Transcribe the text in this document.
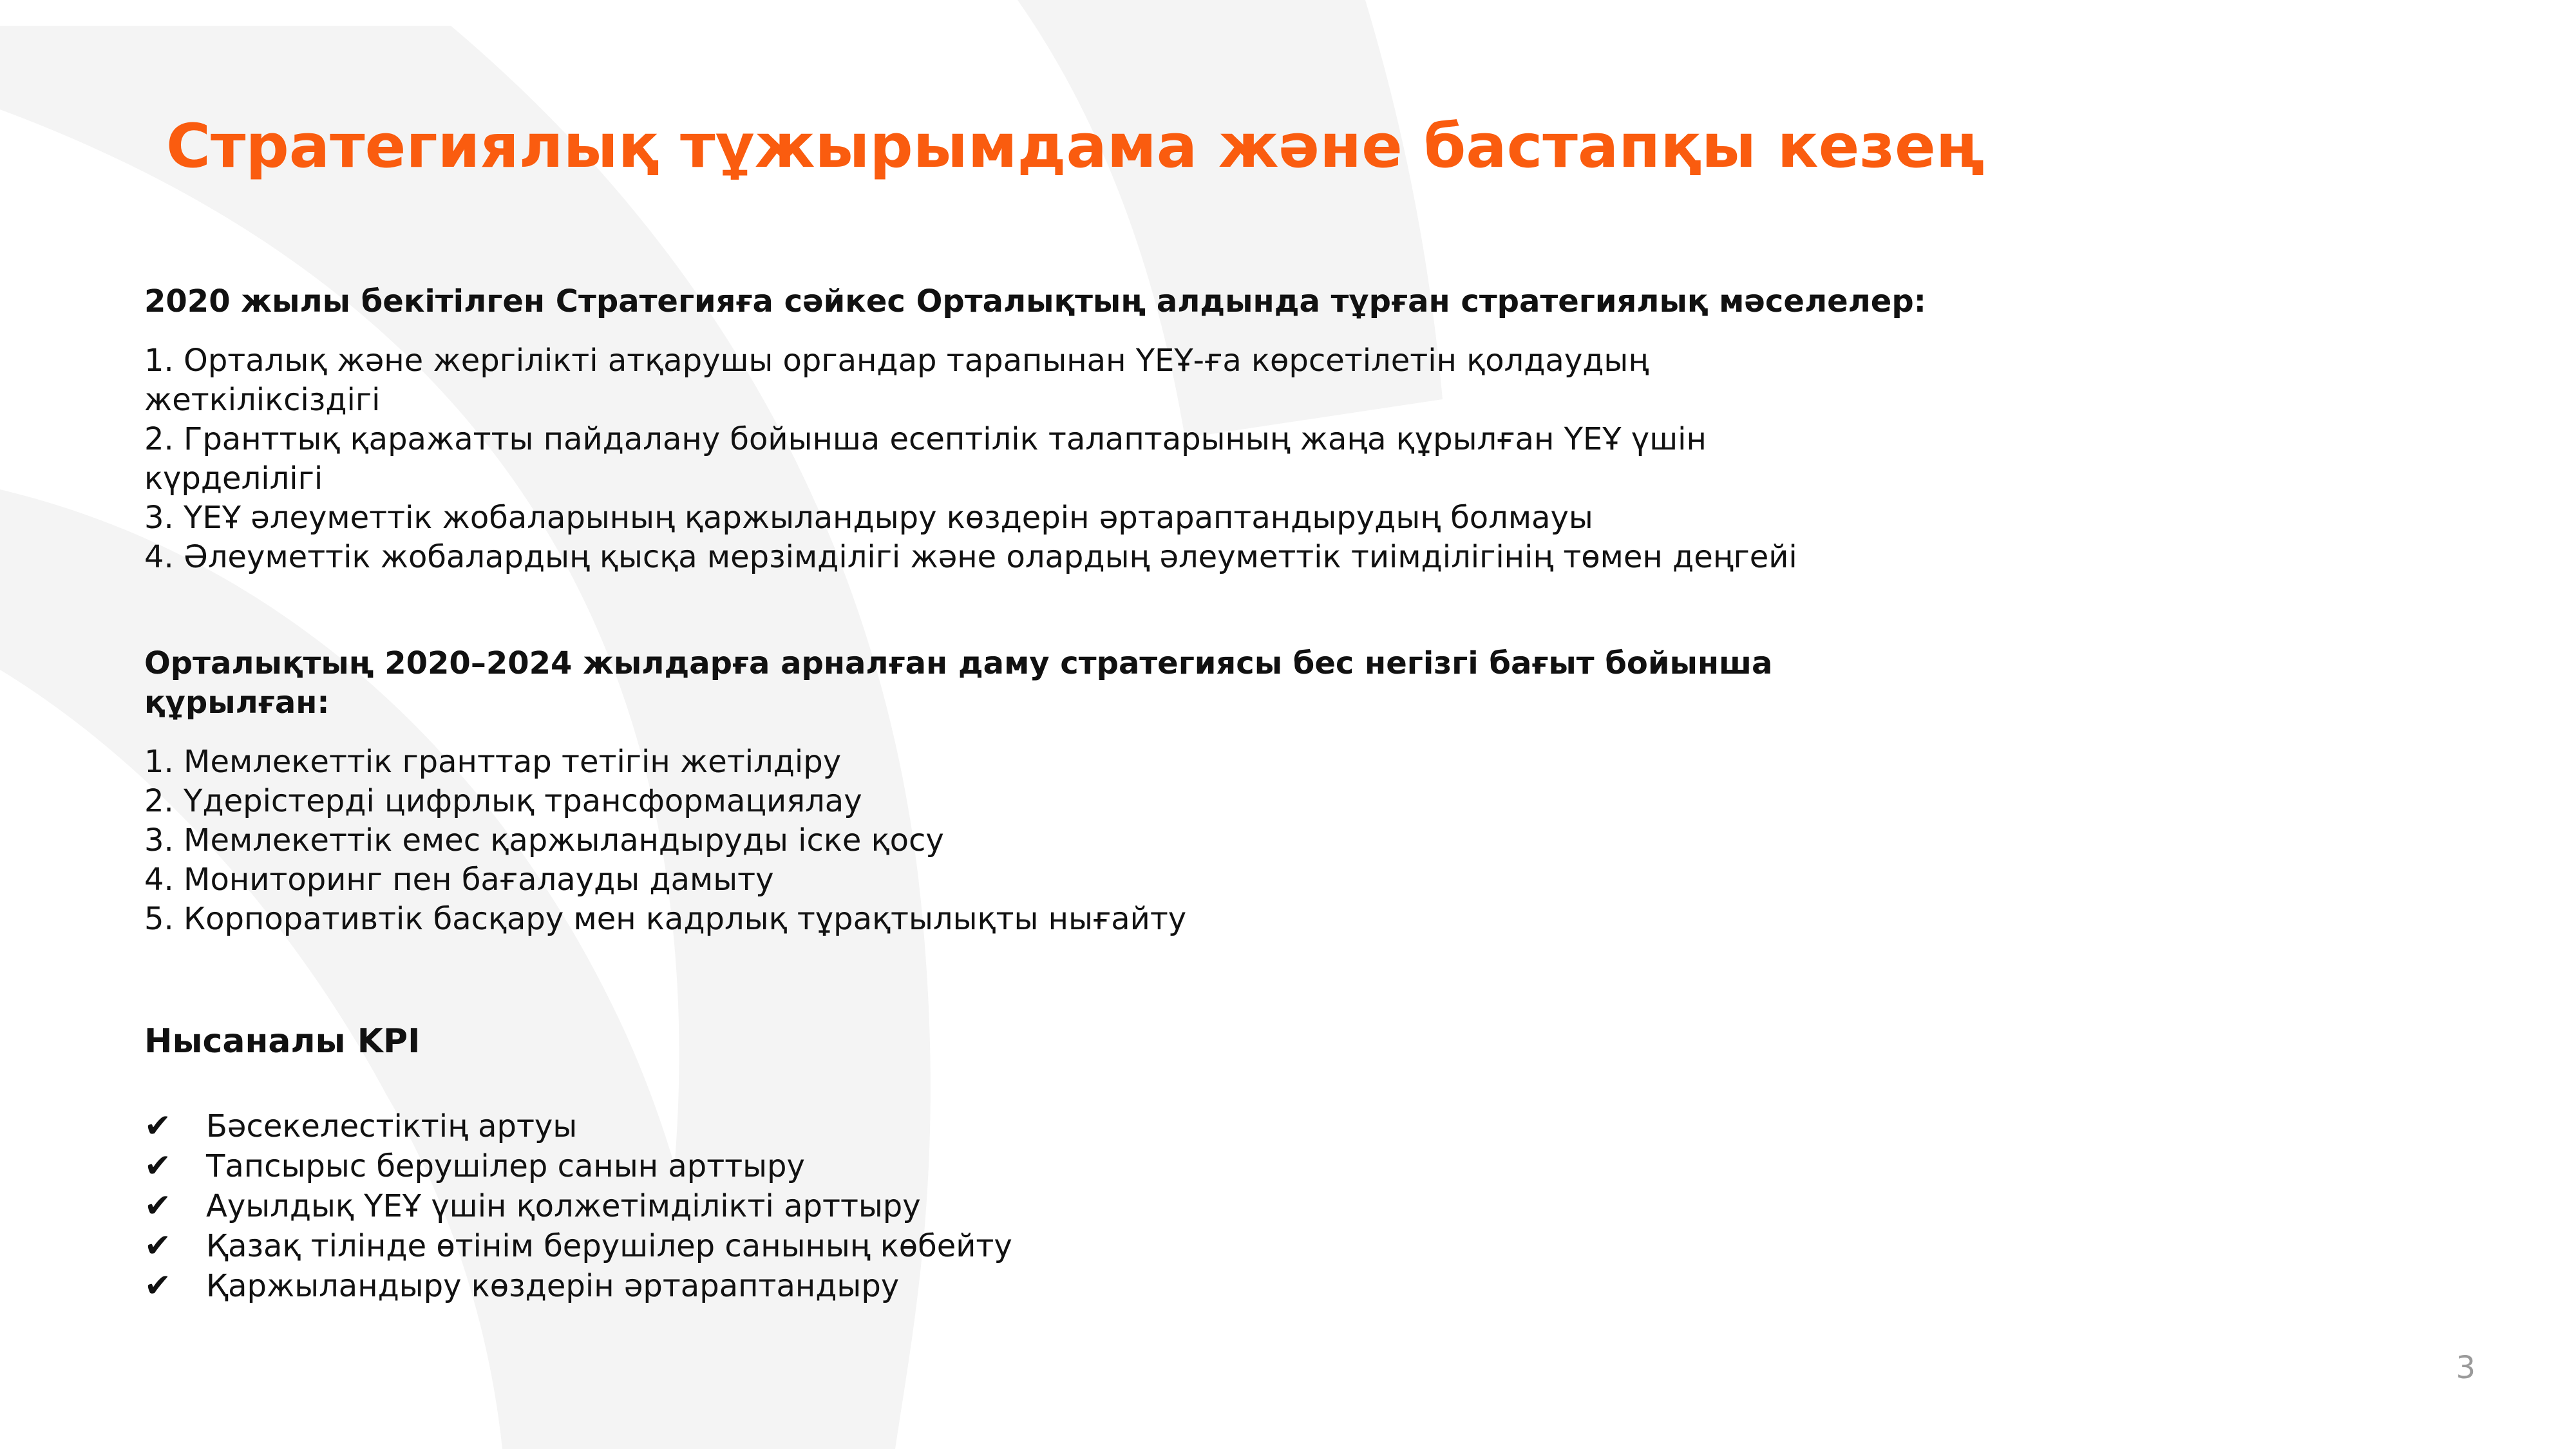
Стратегиялық тұжырымдама және бастапқы кезең

2020 жылы бекітілген Стратегияға сәйкес Орталықтың алдында тұрған стратегиялық мәселелер:

1. Орталық және жергілікті атқарушы органдар тарапынан ҮЕҰ-ға көрсетілетін қолдаудың жеткіліксіздігі
2. Гранттық қаражатты пайдалану бойынша есептілік талаптарының жаңа құрылған ҮЕҰ үшін күрделілігі
3. ҮЕҰ әлеуметтік жобаларының қаржыландыру көздерін әртараптандырудың болмауы
4. Әлеуметтік жобалардың қысқа мерзімділігі және олардың әлеуметтік тиімділігінің төмен деңгейі

Орталықтың 2020–2024 жылдарға арналған даму стратегиясы бес негізгі бағыт бойынша құрылған:

1. Мемлекеттік гранттар тетігін жетілдіру
2. Үдерістерді цифрлық трансформациялау
3. Мемлекеттік емес қаржыландыруды іске қосу
4. Мониторинг пен бағалауды дамыту
5. Корпоративтік басқару мен кадрлық тұрақтылықты нығайту

Нысаналы KPI

✔ Бәсекелестіктің артуы
✔ Тапсырыс берушілер санын арттыру
✔ Ауылдық ҮЕҰ үшін қолжетімділікті арттыру
✔ Қазақ тілінде өтінім берушілер санының көбейту
✔ Қаржыландыру көздерін әртараптандыру
3
